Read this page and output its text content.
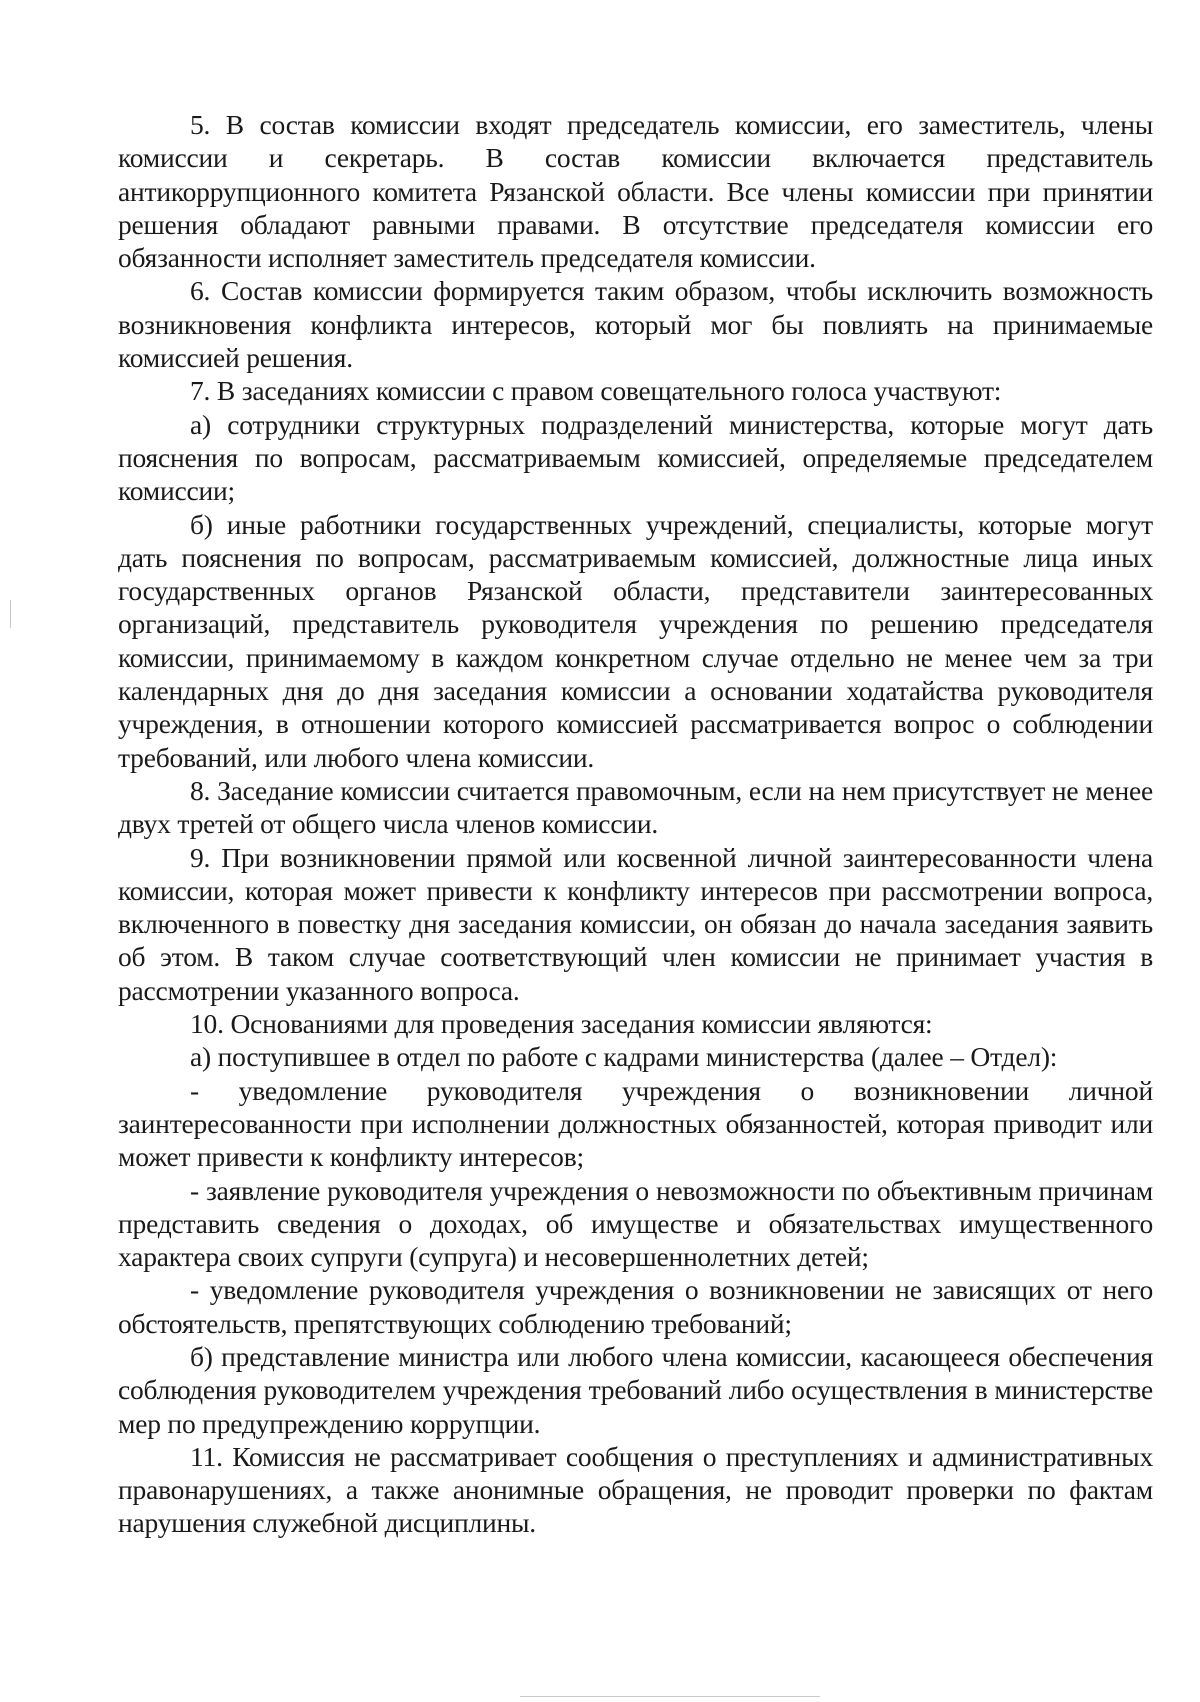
5. В состав комиссии входят председатель комиссии, его заместитель, члены комиссии и секретарь. В состав комиссии включается представитель антикоррупционного комитета Рязанской области. Все члены комиссии при принятии решения обладают равными правами. В отсутствие председателя комиссии его обязанности исполняет заместитель председателя комиссии.

6. Состав комиссии формируется таким образом, чтобы исключить возможность возникновения конфликта интересов, который мог бы повлиять на принимаемые комиссией решения.

7. В заседаниях комиссии с правом совещательного голоса участвуют:

а) сотрудники структурных подразделений министерства, которые могут дать пояснения по вопросам, рассматриваемым комиссией, определяемые председателем комиссии;

б) иные работники государственных учреждений, специалисты, которые могут дать пояснения по вопросам, рассматриваемым комиссией, должностные лица иных государственных органов Рязанской области, представители заинтересованных организаций, представитель руководителя учреждения по решению председателя комиссии, принимаемому в каждом конкретном случае отдельно не менее чем за три календарных дня до дня заседания комиссии а основании ходатайства руководителя учреждения, в отношении которого комиссией рассматривается вопрос о соблюдении требований, или любого члена комиссии.

8. Заседание комиссии считается правомочным, если на нем присутствует не менее двух третей от общего числа членов комиссии.

9. При возникновении прямой или косвенной личной заинтересованности члена комиссии, которая может привести к конфликту интересов при рассмотрении вопроса, включенного в повестку дня заседания комиссии, он обязан до начала заседания заявить об этом. В таком случае соответствующий член комиссии не принимает участия в рассмотрении указанного вопроса.

10. Основаниями для проведения заседания комиссии являются:

а) поступившее в отдел по работе с кадрами министерства (далее – Отдел):

- уведомление руководителя учреждения о возникновении личной заинтересованности при исполнении должностных обязанностей, которая приводит или может привести к конфликту интересов;

- заявление руководителя учреждения о невозможности по объективным причинам представить сведения о доходах, об имуществе и обязательствах имущественного характера своих супруги (супруга) и несовершеннолетних детей;

- уведомление руководителя учреждения о возникновении не зависящих от него обстоятельств, препятствующих соблюдению требований;

б) представление министра или любого члена комиссии, касающееся обеспечения соблюдения руководителем учреждения требований либо осуществления в министерстве мер по предупреждению коррупции.

11. Комиссия не рассматривает сообщения о преступлениях и административных правонарушениях, а также анонимные обращения, не проводит проверки по фактам нарушения служебной дисциплины.
